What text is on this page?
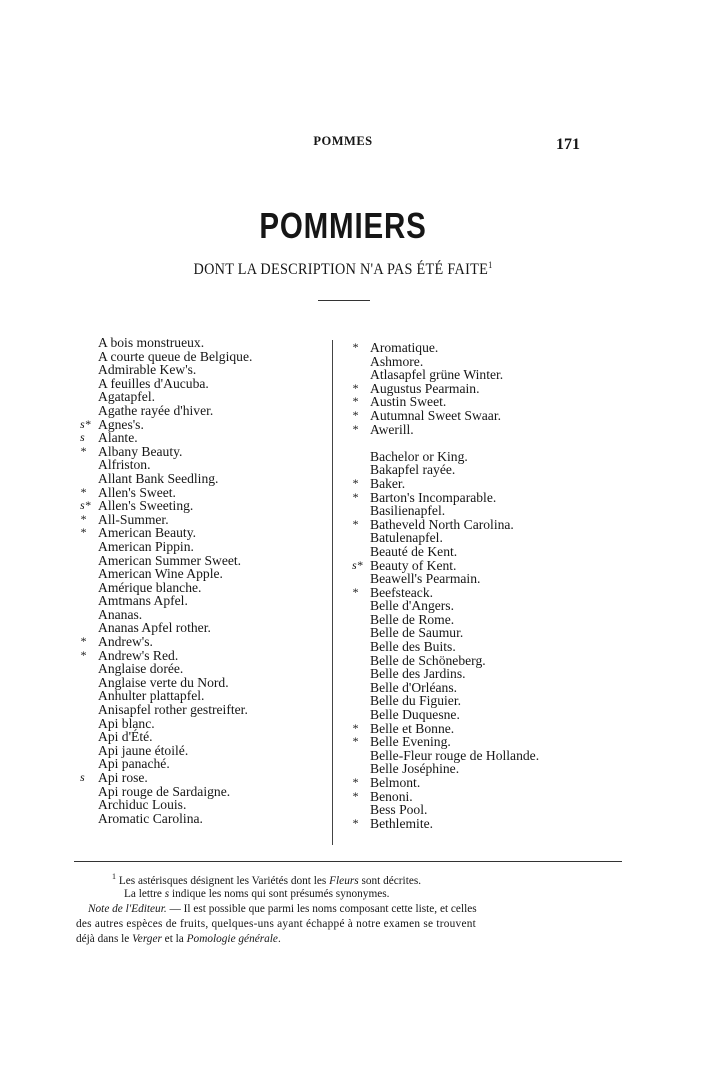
POMMES	171
POMMIERS
DONT LA DESCRIPTION N'A PAS ÉTÉ FAITE$^1$
A bois monstrueux.
A courte queue de Belgique.
Admirable Kew's.
A feuilles d'Aucuba.
Agatapfel.
Agathe rayée d'hiver.
s* Agnes's.
s Alante.
* Albany Beauty.
Alfriston.
Allant Bank Seedling.
* Allen's Sweet.
s* Allen's Sweeting.
* All-Summer.
* American Beauty.
American Pippin.
American Summer Sweet.
American Wine Apple.
Amérique blanche.
Amtmans Apfel.
Ananas.
Ananas Apfel rother.
* Andrew's.
* Andrew's Red.
Anglaise dorée.
Anglaise verte du Nord.
Anhulter plattapfel.
Anisapfel rother gestreifter.
Api blanc.
Api d'Été.
Api jaune étoilé.
Api panaché.
s Api rose.
Api rouge de Sardaigne.
Archiduc Louis.
Aromatic Carolina.
* Aromatique.
Ashmore.
Atlasapfel grüne Winter.
* Augustus Pearmain.
* Austin Sweet.
* Autumnal Sweet Swaar.
* Awerill.
Bachelor or King.
Bakapfel rayée.
* Baker.
* Barton's Incomparable.
Basilienapfel.
* Batheveld North Carolina.
Batulenapfel.
Beauté de Kent.
s* Beauty of Kent.
Beawell's Pearmain.
* Beefsteack.
Belle d'Angers.
Belle de Rome.
Belle de Saumur.
Belle des Buits.
Belle de Schöneberg.
Belle des Jardins.
Belle d'Orléans.
Belle du Figuier.
Belle Duquesne.
* Belle et Bonne.
* Belle Evening.
Belle-Fleur rouge de Hollande.
Belle Joséphine.
* Belmont.
* Benoni.
Bess Pool.
* Bethlemite.
$^1$ Les astérisques désignent les Variétés dont les Fleurs sont décrites.
La lettre s indique les noms qui sont présumés synonymes.
Note de l'Editeur. — Il est possible que parmi les noms composant cette liste, et celles
des autres espèces de fruits, quelques-uns ayant échappé à notre examen se trouvent
déjà dans le Verger et la Pomologie générale.
